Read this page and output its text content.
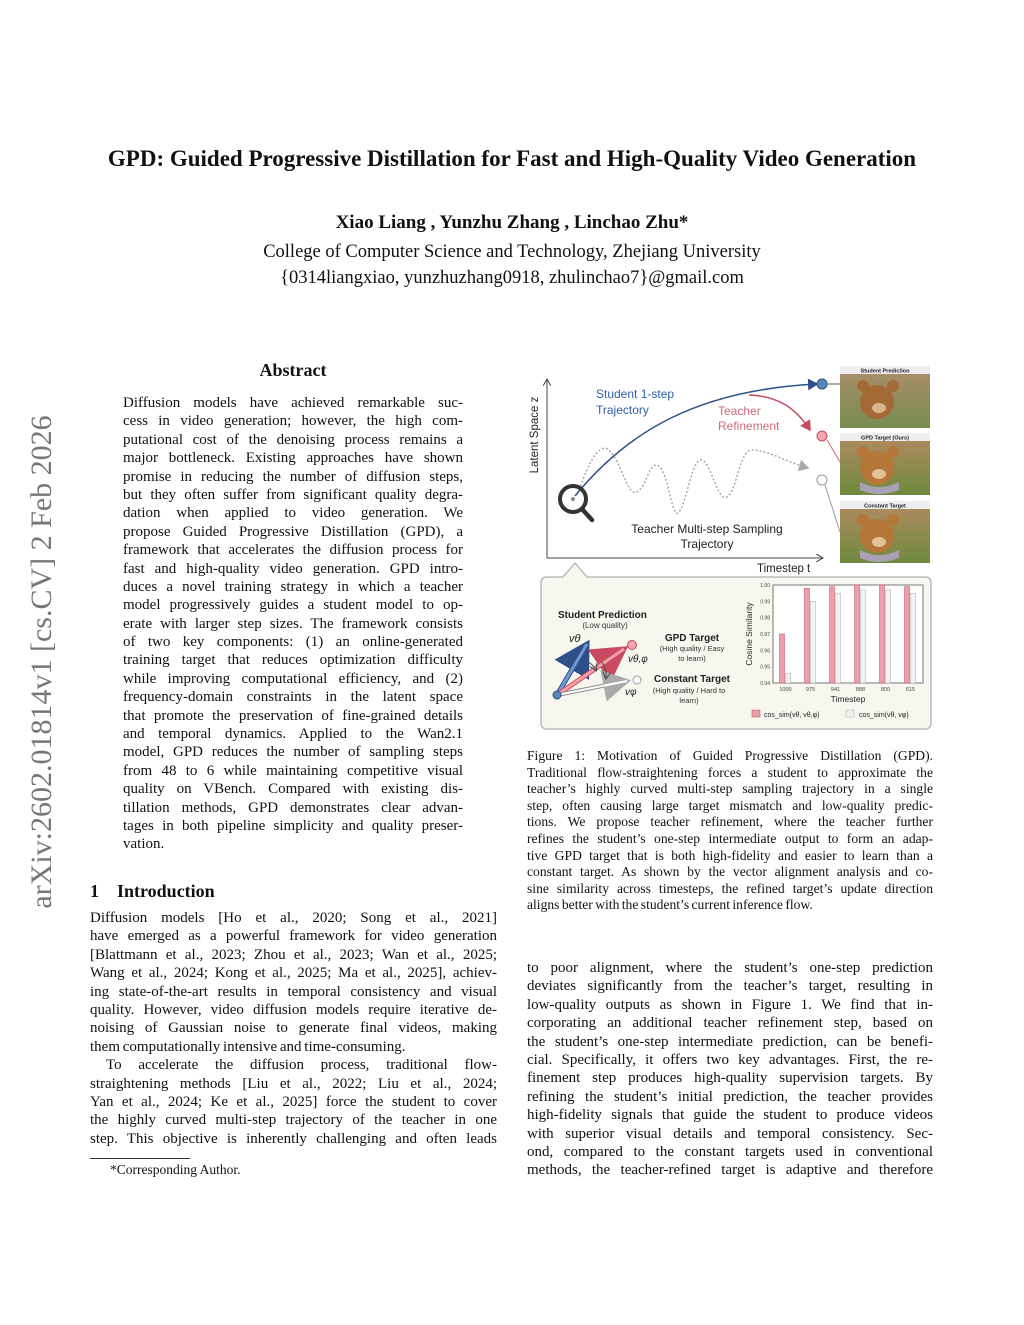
arXiv:2602.01814v1 [cs.CV] 2 Feb 2026
GPD: Guided Progressive Distillation for Fast and High-Quality Video Generation
Xiao Liang , Yunzhu Zhang , Linchao Zhu*
College of Computer Science and Technology, Zhejiang University
{0314liangxiao, yunzhuzhang0918, zhulinchao7}@gmail.com
Abstract
Diffusion models have achieved remarkable suc-
cess in video generation; however, the high com-
putational cost of the denoising process remains a
major bottleneck. Existing approaches have shown
promise in reducing the number of diffusion steps,
but they often suffer from significant quality degra-
dation when applied to video generation. We
propose Guided Progressive Distillation (GPD), a
framework that accelerates the diffusion process for
fast and high-quality video generation. GPD intro-
duces a novel training strategy in which a teacher
model progressively guides a student model to op-
erate with larger step sizes. The framework consists
of two key components: (1) an online-generated
training target that reduces optimization difficulty
while improving computational efficiency, and (2)
frequency-domain constraints in the latent space
that promote the preservation of fine-grained details
and temporal dynamics. Applied to the Wan2.1
model, GPD reduces the number of sampling steps
from 48 to 6 while maintaining competitive visual
quality on VBench. Compared with existing dis-
tillation methods, GPD demonstrates clear advan-
tages in both pipeline simplicity and quality preser-
vation.
1 Introduction
Diffusion models [Ho et al., 2020; Song et al., 2021]
have emerged as a powerful framework for video generation
[Blattmann et al., 2023; Zhou et al., 2023; Wan et al., 2025;
Wang et al., 2024; Kong et al., 2025; Ma et al., 2025], achiev-
ing state-of-the-art results in temporal consistency and visual
quality. However, video diffusion models require iterative de-
noising of Gaussian noise to generate final videos, making
them computationally intensive and time-consuming.
To accelerate the diffusion process, traditional flow-
straightening methods [Liu et al., 2022; Liu et al., 2024;
Yan et al., 2024; Ke et al., 2025] force the student to cover
the highly curved multi-step trajectory of the teacher in one
step. This objective is inherently challenging and often leads
*Corresponding Author.
Figure 1: Motivation of Guided Progressive Distillation (GPD).
Traditional flow-straightening forces a student to approximate the
teacher’s highly curved multi-step sampling trajectory in a single
step, often causing large target mismatch and low-quality predic-
tions. We propose teacher refinement, where the teacher further
refines the student’s one-step intermediate output to form an adap-
tive GPD target that is both high-fidelity and easier to learn than a
constant target. As shown by the vector alignment analysis and co-
sine similarity across timesteps, the refined target’s update direction
aligns better with the student’s current inference flow.
to poor alignment, where the student’s one-step prediction
deviates significantly from the teacher’s target, resulting in
low-quality outputs as shown in Figure 1. We find that in-
corporating an additional teacher refinement step, based on
the student’s one-step intermediate prediction, can be benefi-
cial. Specifically, it offers two key advantages. First, the re-
finement step produces high-quality supervision targets. By
refining the student’s initial prediction, the teacher provides
high-fidelity signals that guide the student to produce videos
with superior visual details and temporal consistency. Sec-
ond, compared to the constant targets used in conventional
methods, the teacher-refined target is adaptive and therefore
Latent Space z
Timestep t
Student 1-step
Trajectory	Teacher
Refinement
Teacher Multi-step Sampling
Trajectory
Student Prediction
GPD Target (Ours)
Constant Target
Student Prediction
(Low quality)
vθ
vθ,φ
vφ
GPD Target
(High quality / Easy
to learn)
Constant Target
(High quality / Hard to
learn)
Cosine Similarity
Timestep
cos_sim(vθ, vθ,φ)	cos_sim(vθ, vφ)
0.94
0.95
0.96
0.97
0.98
0.99
1.00
1000	975	941	888	800	615
